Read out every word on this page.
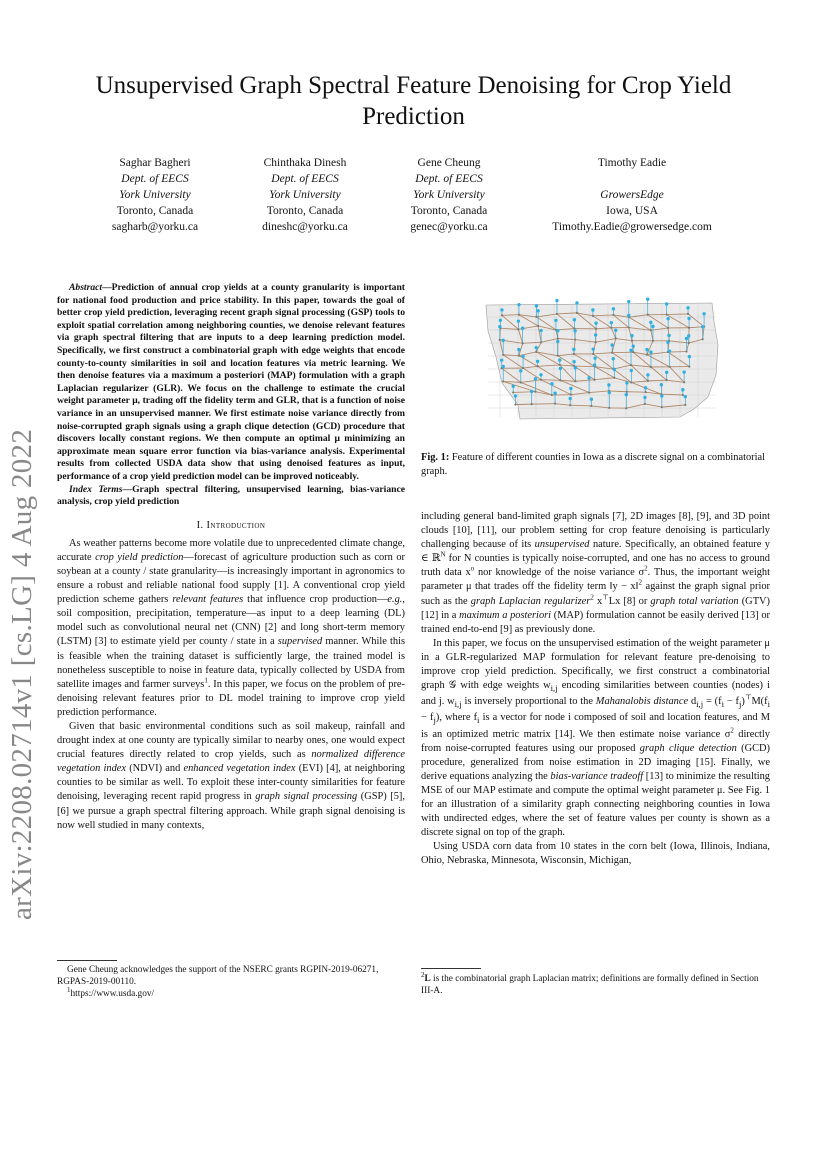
Unsupervised Graph Spectral Feature Denoising for Crop Yield Prediction
Saghar Bagheri
Dept. of EECS
York University
Toronto, Canada
sagharb@yorku.ca
Chinthaka Dinesh
Dept. of EECS
York University
Toronto, Canada
dineshc@yorku.ca
Gene Cheung
Dept. of EECS
York University
Toronto, Canada
genec@yorku.ca
Timothy Eadie
GrowersEdge
Iowa, USA
Timothy.Eadie@growersedge.com
arXiv:2208.02714v1 [cs.LG] 4 Aug 2022

Abstract—Prediction of annual crop yields at a county granularity is important for national food production and price stability. In this paper, towards the goal of better crop yield prediction, leveraging recent graph signal processing (GSP) tools to exploit spatial correlation among neighboring counties, we denoise relevant features via graph spectral filtering that are inputs to a deep learning prediction model. Specifically, we first construct a combinatorial graph with edge weights that encode county-to-county similarities in soil and location features via metric learning. We then denoise features via a maximum a posteriori (MAP) formulation with a graph Laplacian regularizer (GLR). We focus on the challenge to estimate the crucial weight parameter μ, trading off the fidelity term and GLR, that is a function of noise variance in an unsupervised manner. We first estimate noise variance directly from noise-corrupted graph signals using a graph clique detection (GCD) procedure that discovers locally constant regions. We then compute an optimal μ minimizing an approximate mean square error function via bias-variance analysis. Experimental results from collected USDA data show that using denoised features as input, performance of a crop yield prediction model can be improved noticeably.

Index Terms—Graph spectral filtering, unsupervised learning, bias-variance analysis, crop yield prediction

I. Introduction

As weather patterns become more volatile due to unprecedented climate change, accurate crop yield prediction—forecast of agriculture production such as corn or soybean at a county / state granularity—is increasingly important in agronomics to ensure a robust and reliable national food supply [1]. A conventional crop yield prediction scheme gathers relevant features that influence crop production—e.g., soil composition, precipitation, temperature—as input to a deep learning (DL) model such as convolutional neural net (CNN) [2] and long short-term memory (LSTM) [3] to estimate yield per county / state in a supervised manner. While this is feasible when the training dataset is sufficiently large, the trained model is nonetheless susceptible to noise in feature data, typically collected by USDA from satellite images and farmer surveys$^1$. In this paper, we focus on the problem of pre-denoising relevant features prior to DL model training to improve crop yield prediction performance.

Given that basic environmental conditions such as soil makeup, rainfall and drought index at one county are typically similar to nearby ones, one would expect crucial features directly related to crop yields, such as normalized difference vegetation index (NDVI) and enhanced vegetation index (EVI) [4], at neighboring counties to be similar as well. To exploit these inter-county similarities for feature denoising, leveraging recent rapid progress in graph signal processing (GSP) [5], [6] we pursue a graph spectral filtering approach. While graph signal denoising is now well studied in many contexts,

Gene Cheung acknowledges the support of the NSERC grants RGPIN-2019-06271, RGPAS-2019-00110.
$^1$https://www.usda.gov/
Fig. 1: Feature of different counties in Iowa as a discrete signal on a combinatorial graph.

including general band-limited graph signals [7], 2D images [8], [9], and 3D point clouds [10], [11], our problem setting for crop feature denoising is particularly challenging because of its unsupervised nature. Specifically, an obtained feature y ∈ ℝ$^N$ for N counties is typically noise-corrupted, and one has no access to ground truth data $x^o$ nor knowledge of the noise variance $\sigma^2$. Thus, the important weight parameter μ that trades off the fidelity term ‖y − x‖$^2$ against the graph signal prior such as the graph Laplacian regularizer$^2$ x⊤Lx [8] or graph total variation (GTV) [12] in a maximum a posteriori (MAP) formulation cannot be easily derived [13] or trained end-to-end [9] as previously done.

In this paper, we focus on the unsupervised estimation of the weight parameter μ in a GLR-regularized MAP formulation for relevant feature pre-denoising to improve crop yield prediction. Specifically, we first construct a combinatorial graph 𝒢 with edge weights $w_{i,j}$ encoding similarities between counties (nodes) i and j. $w_{i,j}$ is inversely proportional to the Mahanalobis distance $d_{i,j} = (f_i - f_j)^⊤M(f_i - f_j)$, where $f_i$ is a vector for node i composed of soil and location features, and M is an optimized metric matrix [14]. We then estimate noise variance $\sigma^2$ directly from noise-corrupted features using our proposed graph clique detection (GCD) procedure, generalized from noise estimation in 2D imaging [15]. Finally, we derive equations analyzing the bias-variance tradeoff [13] to minimize the resulting MSE of our MAP estimate and compute the optimal weight parameter μ. See Fig. 1 for an illustration of a similarity graph connecting neighboring counties in Iowa with undirected edges, where the set of feature values per county is shown as a discrete signal on top of the graph.

Using USDA corn data from 10 states in the corn belt (Iowa, Illinois, Indiana, Ohio, Nebraska, Minnesota, Wisconsin, Michigan,

$^2$L is the combinatorial graph Laplacian matrix; definitions are formally defined in Section III-A.
